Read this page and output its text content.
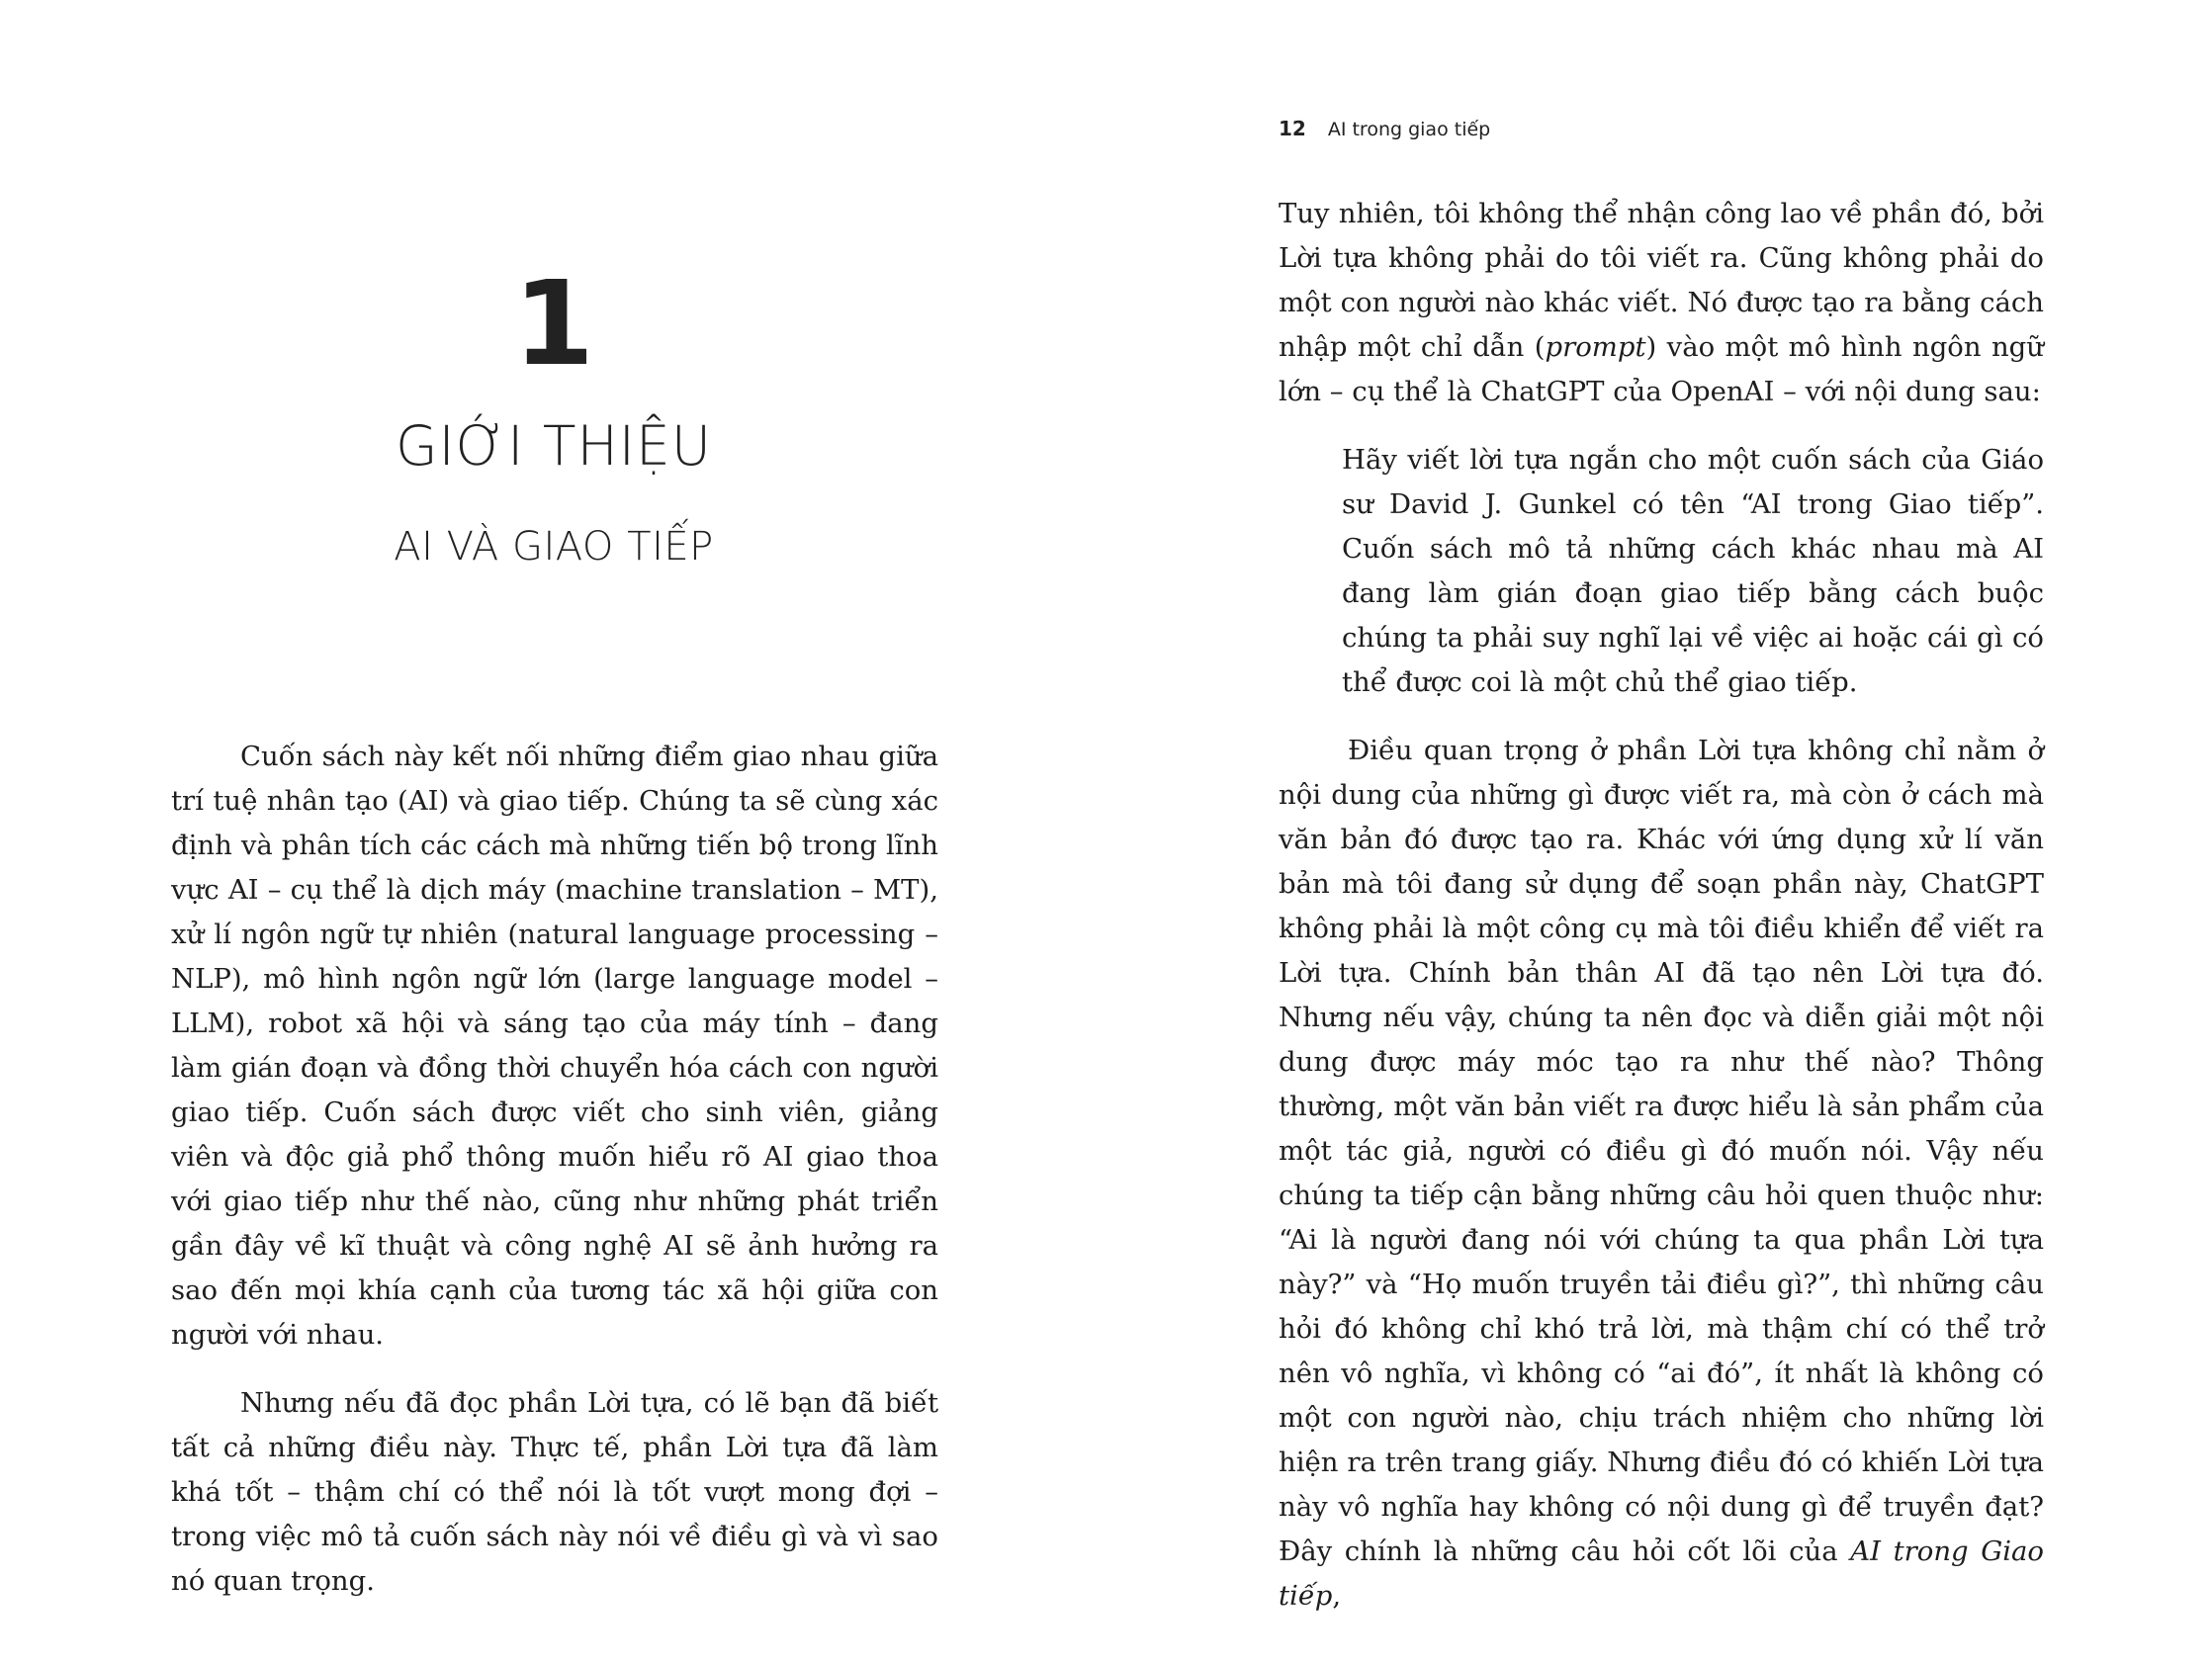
1
GIỚI THIỆU
AI VÀ GIAO TIẾP

Cuốn sách này kết nối những điểm giao nhau giữa trí tuệ nhân tạo (AI) và giao tiếp. Chúng ta sẽ cùng xác định và phân tích các cách mà những tiến bộ trong lĩnh vực AI – cụ thể là dịch máy (machine translation – MT), xử lí ngôn ngữ tự nhiên (natural language processing – NLP), mô hình ngôn ngữ lớn (large language model – LLM), robot xã hội và sáng tạo của máy tính – đang làm gián đoạn và đồng thời chuyển hóa cách con người giao tiếp. Cuốn sách được viết cho sinh viên, giảng viên và độc giả phổ thông muốn hiểu rõ AI giao thoa với giao tiếp như thế nào, cũng như những phát triển gần đây về kĩ thuật và công nghệ AI sẽ ảnh hưởng ra sao đến mọi khía cạnh của tương tác xã hội giữa con người với nhau.

Nhưng nếu đã đọc phần Lời tựa, có lẽ bạn đã biết tất cả những điều này. Thực tế, phần Lời tựa đã làm khá tốt – thậm chí có thể nói là tốt vượt mong đợi – trong việc mô tả cuốn sách này nói về điều gì và vì sao nó quan trọng.

12 AI trong giao tiếp

Tuy nhiên, tôi không thể nhận công lao về phần đó, bởi Lời tựa không phải do tôi viết ra. Cũng không phải do một con người nào khác viết. Nó được tạo ra bằng cách nhập một chỉ dẫn (prompt) vào một mô hình ngôn ngữ lớn – cụ thể là ChatGPT của OpenAI – với nội dung sau:

Hãy viết lời tựa ngắn cho một cuốn sách của Giáo sư David J. Gunkel có tên “AI trong Giao tiếp”. Cuốn sách mô tả những cách khác nhau mà AI đang làm gián đoạn giao tiếp bằng cách buộc chúng ta phải suy nghĩ lại về việc ai hoặc cái gì có thể được coi là một chủ thể giao tiếp.

Điều quan trọng ở phần Lời tựa không chỉ nằm ở nội dung của những gì được viết ra, mà còn ở cách mà văn bản đó được tạo ra. Khác với ứng dụng xử lí văn bản mà tôi đang sử dụng để soạn phần này, ChatGPT không phải là một công cụ mà tôi điều khiển để viết ra Lời tựa. Chính bản thân AI đã tạo nên Lời tựa đó. Nhưng nếu vậy, chúng ta nên đọc và diễn giải một nội dung được máy móc tạo ra như thế nào? Thông thường, một văn bản viết ra được hiểu là sản phẩm của một tác giả, người có điều gì đó muốn nói. Vậy nếu chúng ta tiếp cận bằng những câu hỏi quen thuộc như: “Ai là người đang nói với chúng ta qua phần Lời tựa này?” và “Họ muốn truyền tải điều gì?”, thì những câu hỏi đó không chỉ khó trả lời, mà thậm chí có thể trở nên vô nghĩa, vì không có “ai đó”, ít nhất là không có một con người nào, chịu trách nhiệm cho những lời hiện ra trên trang giấy. Nhưng điều đó có khiến Lời tựa này vô nghĩa hay không có nội dung gì để truyền đạt? Đây chính là những câu hỏi cốt lõi của AI trong Giao tiếp,
